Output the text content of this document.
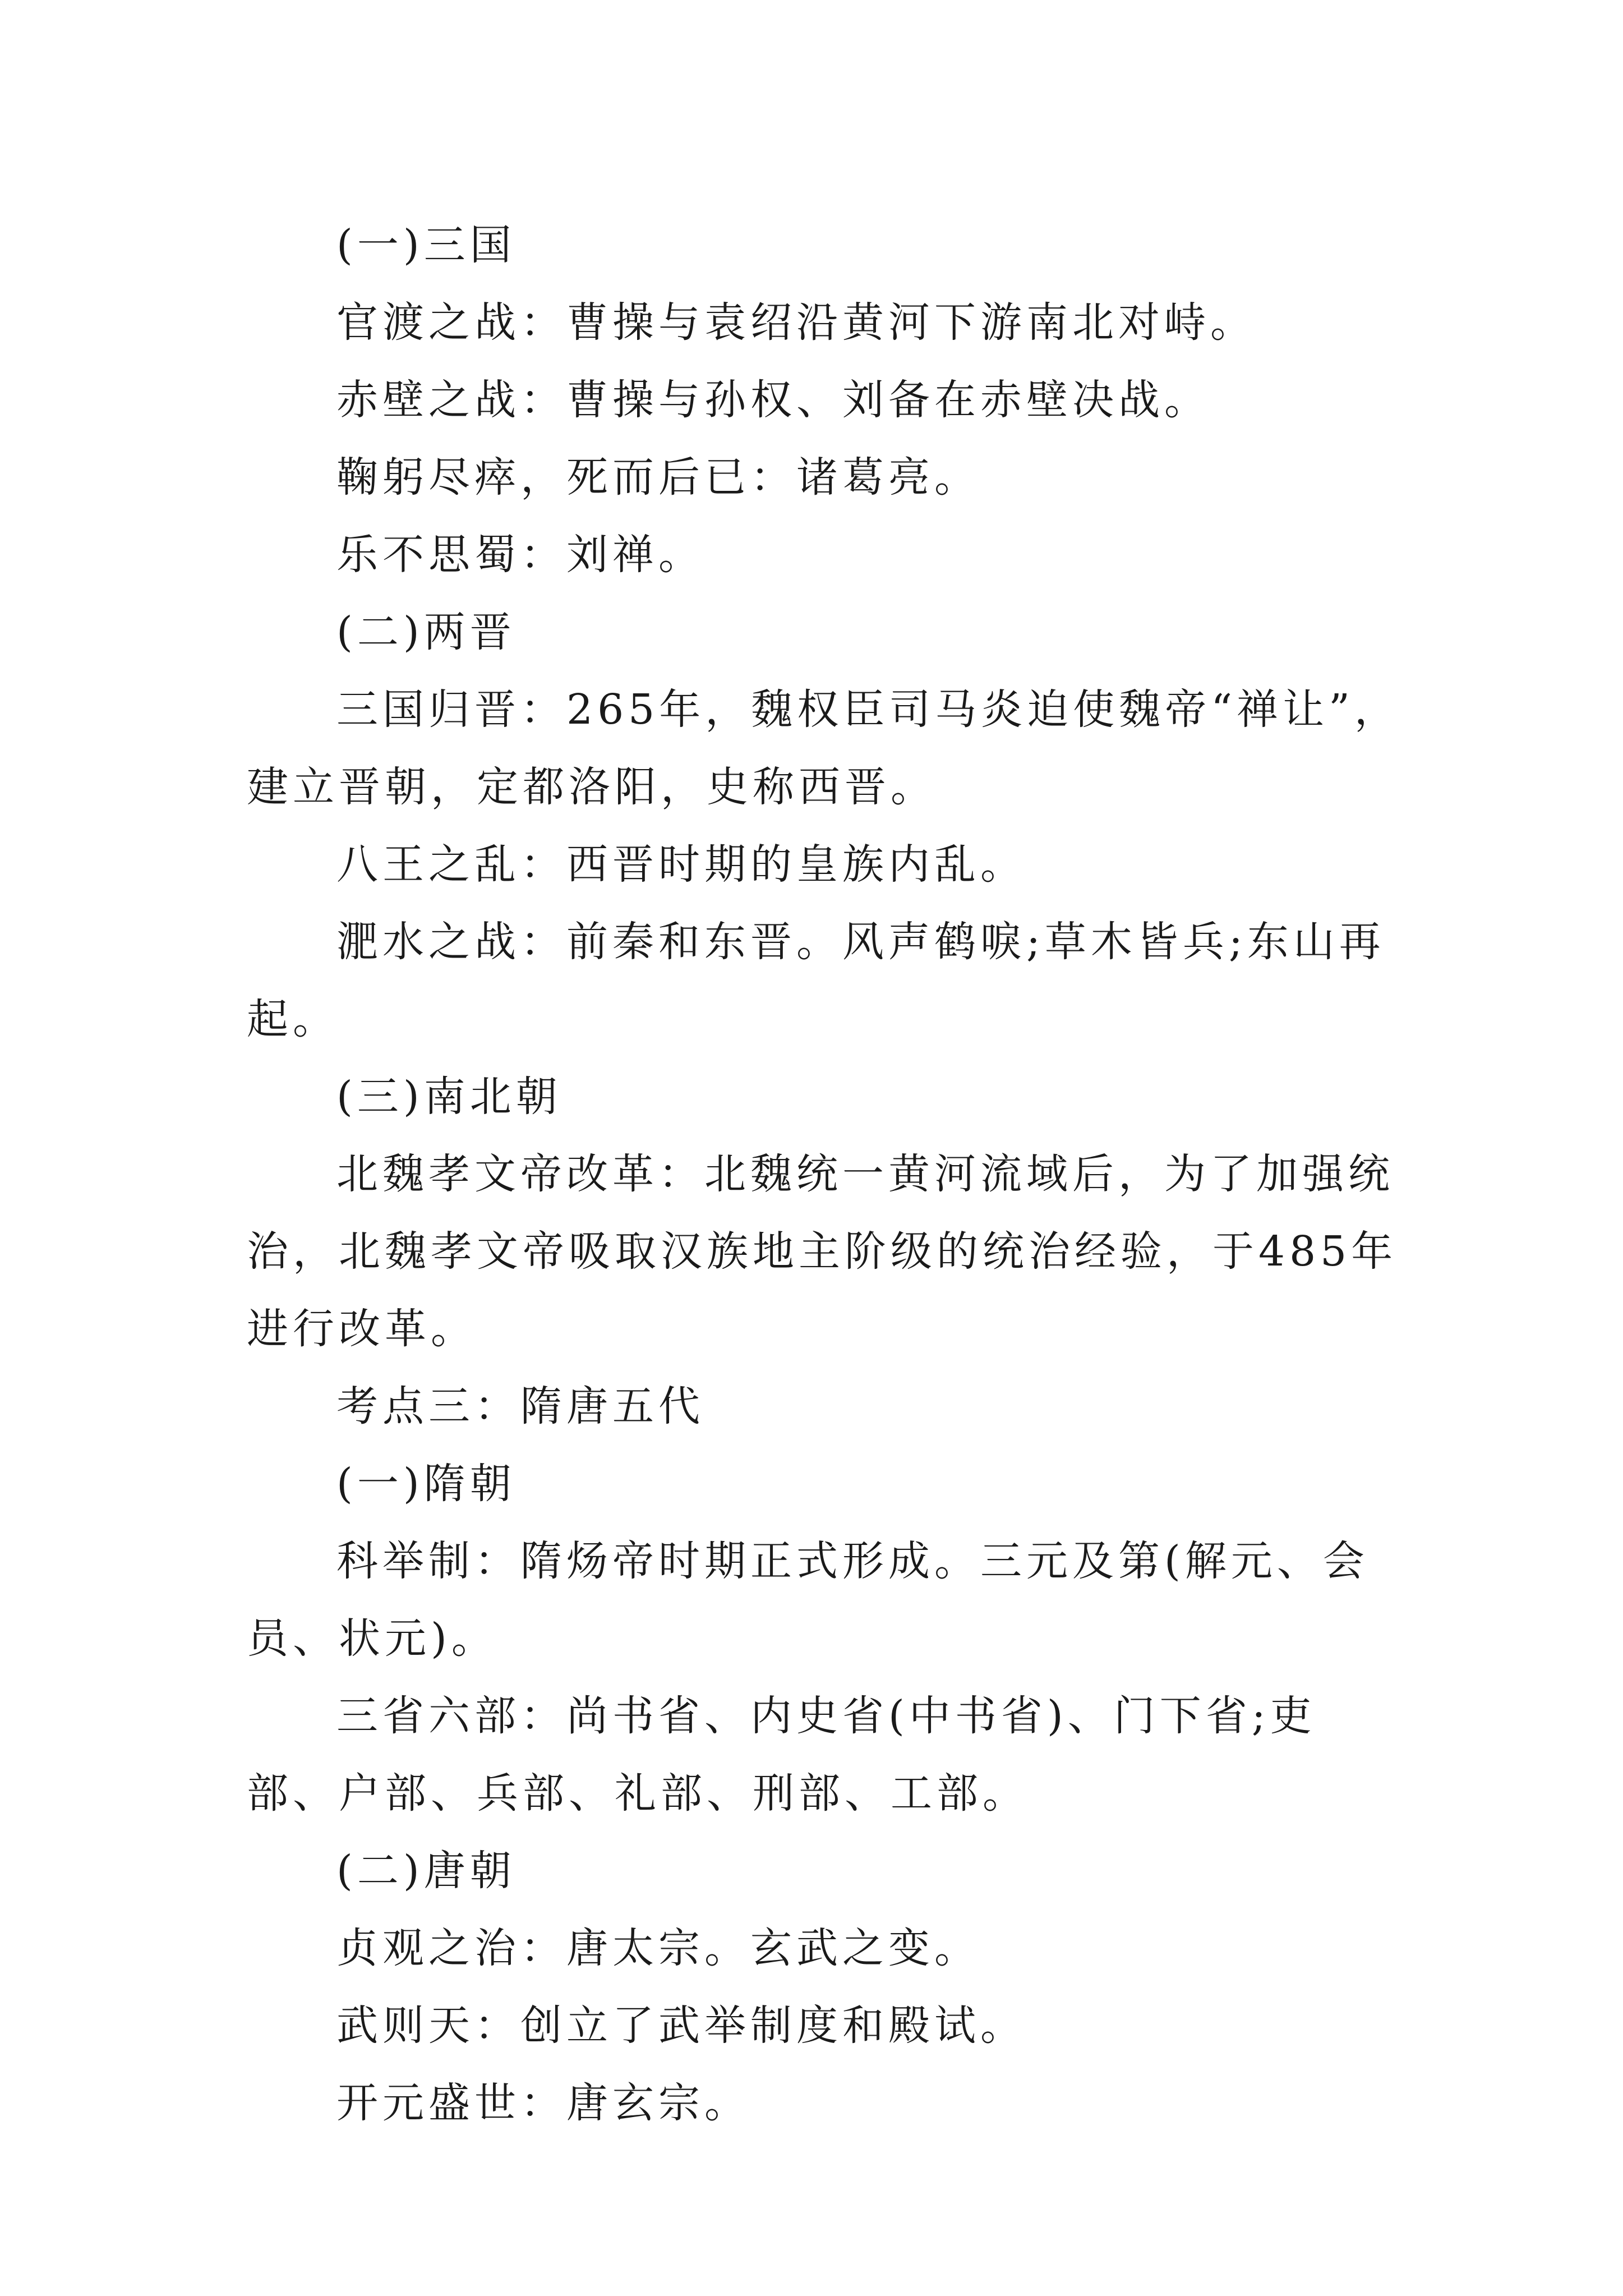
(一)三国

官渡之战：曹操与袁绍沿黄河下游南北对峙。

赤壁之战：曹操与孙权、刘备在赤壁决战。

鞠躬尽瘁，死而后已：诸葛亮。

乐不思蜀：刘禅。

(二)两晋

三国归晋：265年，魏权臣司马炎迫使魏帝“禅让”，建立晋朝，定都洛阳，史称西晋。

八王之乱：西晋时期的皇族内乱。

淝水之战：前秦和东晋。风声鹤唳;草木皆兵;东山再起。

(三)南北朝

北魏孝文帝改革：北魏统一黄河流域后，为了加强统治，北魏孝文帝吸取汉族地主阶级的统治经验，于485年进行改革。

考点三：隋唐五代

(一)隋朝

科举制：隋炀帝时期正式形成。三元及第(解元、会员、状元)。

三省六部：尚书省、内史省(中书省)、门下省;吏部、户部、兵部、礼部、刑部、工部。

(二)唐朝

贞观之治：唐太宗。玄武之变。

武则天：创立了武举制度和殿试。

开元盛世：唐玄宗。
